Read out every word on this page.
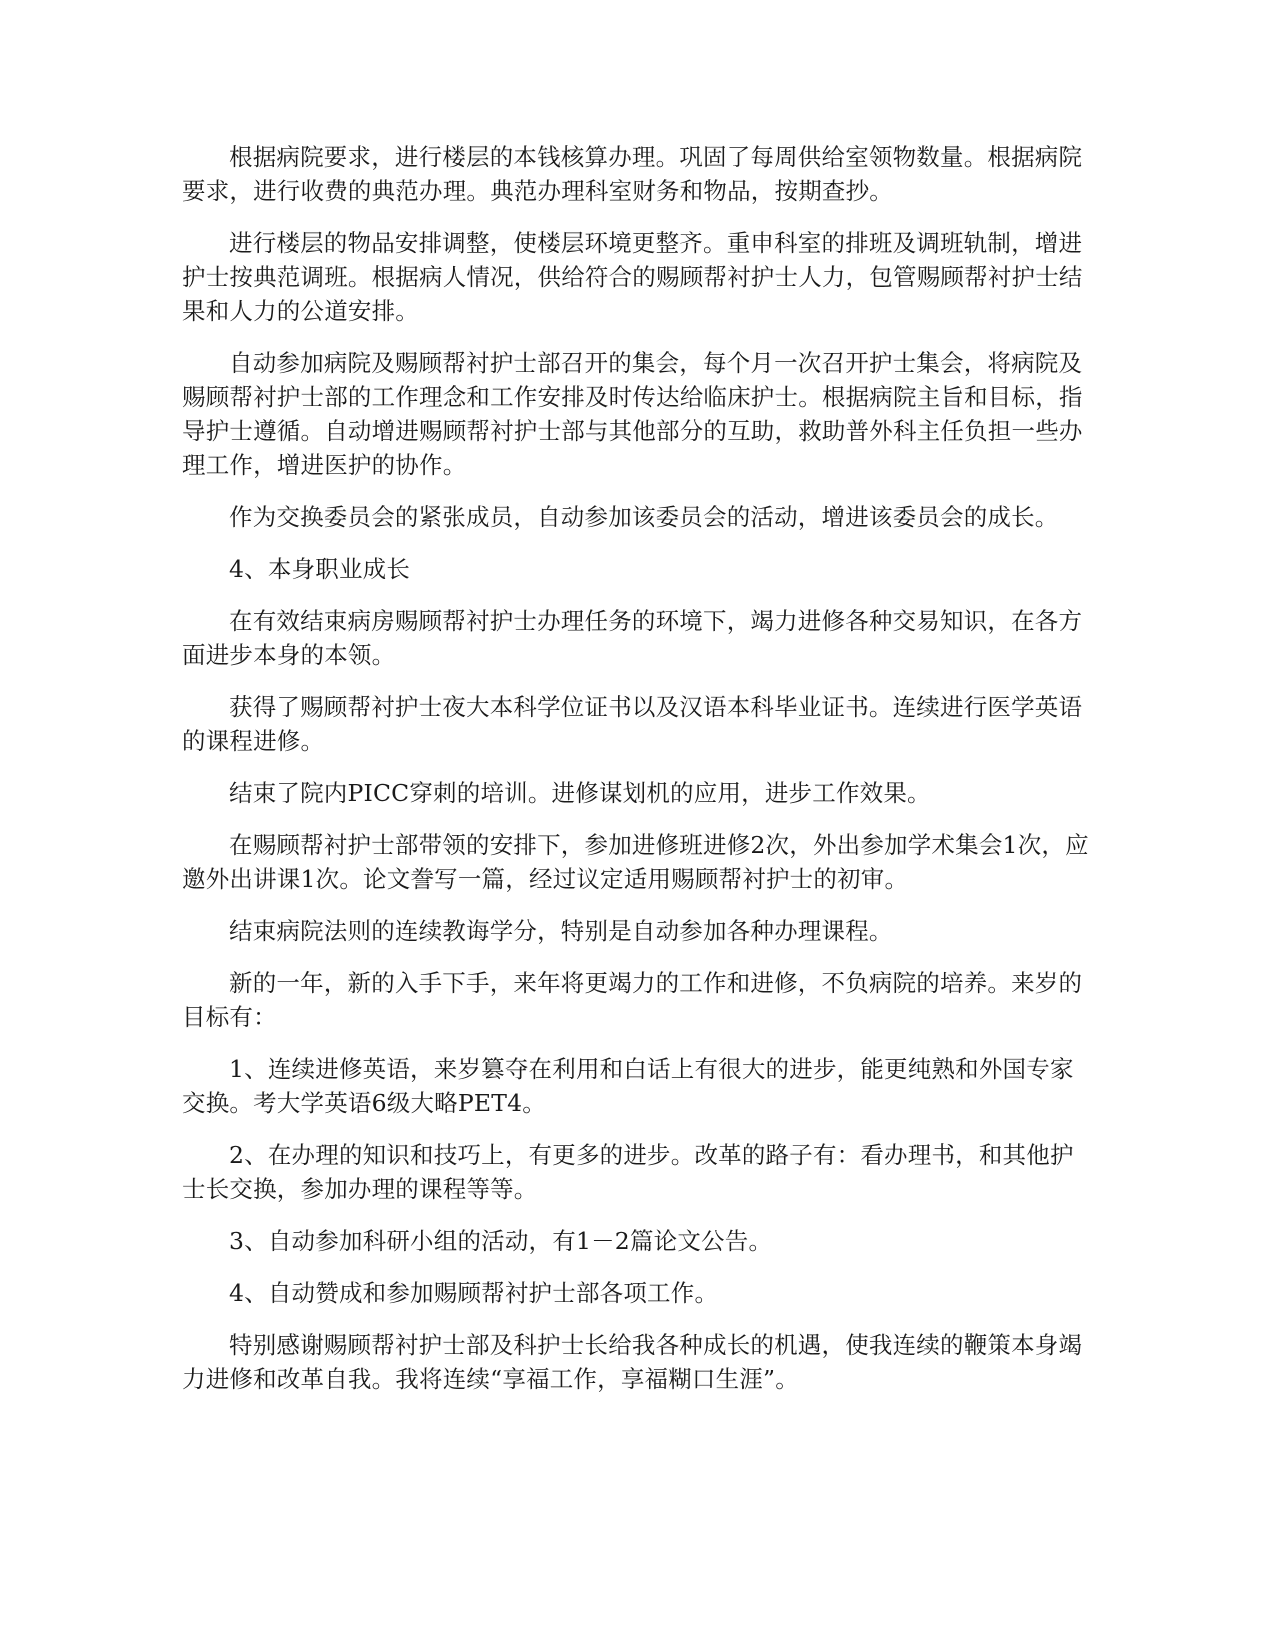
根据病院要求，进行楼层的本钱核算办理。巩固了每周供给室领物数量。根据病院要求，进行收费的典范办理。典范办理科室财务和物品，按期查抄。

进行楼层的物品安排调整，使楼层环境更整齐。重申科室的排班及调班轨制，增进护士按典范调班。根据病人情况，供给符合的赐顾帮衬护士人力，包管赐顾帮衬护士结果和人力的公道安排。

自动参加病院及赐顾帮衬护士部召开的集会，每个月一次召开护士集会，将病院及赐顾帮衬护士部的工作理念和工作安排及时传达给临床护士。根据病院主旨和目标，指导护士遵循。自动增进赐顾帮衬护士部与其他部分的互助，救助普外科主任负担一些办理工作，增进医护的协作。

作为交换委员会的紧张成员，自动参加该委员会的活动，增进该委员会的成长。

4、本身职业成长

在有效结束病房赐顾帮衬护士办理任务的环境下，竭力进修各种交易知识，在各方面进步本身的本领。

获得了赐顾帮衬护士夜大本科学位证书以及汉语本科毕业证书。连续进行医学英语的课程进修。

结束了院内PICC穿刺的培训。进修谋划机的应用，进步工作效果。

在赐顾帮衬护士部带领的安排下，参加进修班进修2次，外出参加学术集会1次，应邀外出讲课1次。论文誊写一篇，经过议定适用赐顾帮衬护士的初审。

结束病院法则的连续教诲学分，特别是自动参加各种办理课程。

新的一年，新的入手下手，来年将更竭力的工作和进修，不负病院的培养。来岁的目标有：

1、连续进修英语，来岁篡夺在利用和白话上有很大的进步，能更纯熟和外国专家交换。考大学英语6级大略PET4。

2、在办理的知识和技巧上，有更多的进步。改革的路子有：看办理书，和其他护士长交换，参加办理的课程等等。

3、自动参加科研小组的活动，有1－2篇论文公告。

4、自动赞成和参加赐顾帮衬护士部各项工作。

特别感谢赐顾帮衬护士部及科护士长给我各种成长的机遇，使我连续的鞭策本身竭力进修和改革自我。我将连续“享福工作，享福糊口生涯”。
